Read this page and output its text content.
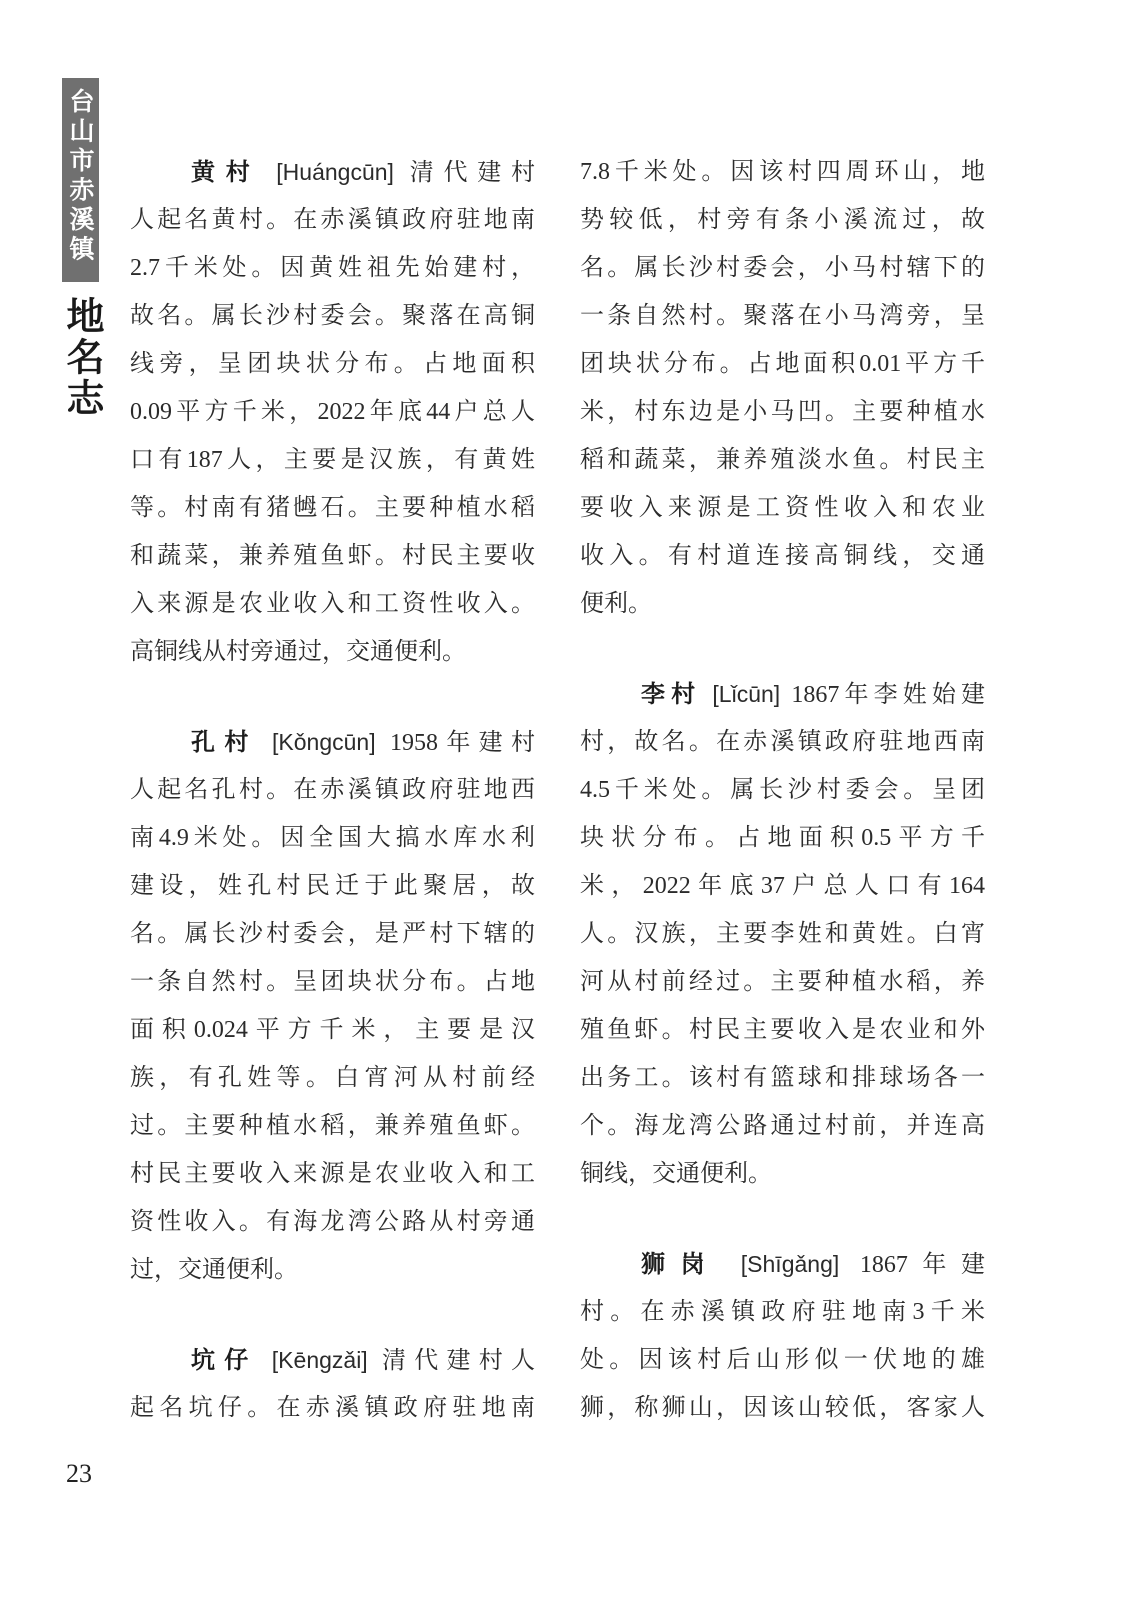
台山市赤溪镇
地名志
黄村 [Huángcūn] 清代建村
人起名黄村。在赤溪镇政府驻地南
2.7千米处。因黄姓祖先始建村，
故名。属长沙村委会。聚落在高铜
线旁，呈团块状分布。占地面积
0.09平方千米，2022年底44户总人
口有187人，主要是汉族，有黄姓
等。村南有猪乸石。主要种植水稻
和蔬菜，兼养殖鱼虾。村民主要收
入来源是农业收入和工资性收入。
高铜线从村旁通过，交通便利。
孔村 [Kǒngcūn] 1958年建村
人起名孔村。在赤溪镇政府驻地西
南4.9米处。因全国大搞水库水利
建设，姓孔村民迁于此聚居，故
名。属长沙村委会，是严村下辖的
一条自然村。呈团块状分布。占地
面积0.024平方千米，主要是汉
族，有孔姓等。白宵河从村前经
过。主要种植水稻，兼养殖鱼虾。
村民主要收入来源是农业收入和工
资性收入。有海龙湾公路从村旁通
过，交通便利。
坑仔 [Kēngzǎi] 清代建村人
起名坑仔。在赤溪镇政府驻地南
7.8千米处。因该村四周环山，地
势较低，村旁有条小溪流过，故
名。属长沙村委会，小马村辖下的
一条自然村。聚落在小马湾旁，呈
团块状分布。占地面积0.01平方千
米，村东边是小马凹。主要种植水
稻和蔬菜，兼养殖淡水鱼。村民主
要收入来源是工资性收入和农业
收入。有村道连接高铜线，交通
便利。
李村 [Lǐcūn] 1867年李姓始建
村，故名。在赤溪镇政府驻地西南
4.5千米处。属长沙村委会。呈团
块状分布。占地面积0.5平方千
米，2022年底37户总人口有164
人。汉族，主要李姓和黄姓。白宵
河从村前经过。主要种植水稻，养
殖鱼虾。村民主要收入是农业和外
出务工。该村有篮球和排球场各一
个。海龙湾公路通过村前，并连高
铜线，交通便利。
狮岗 [Shīgǎng] 1867年建
村。在赤溪镇政府驻地南3千米
处。因该村后山形似一伏地的雄
狮，称狮山，因该山较低，客家人
23
